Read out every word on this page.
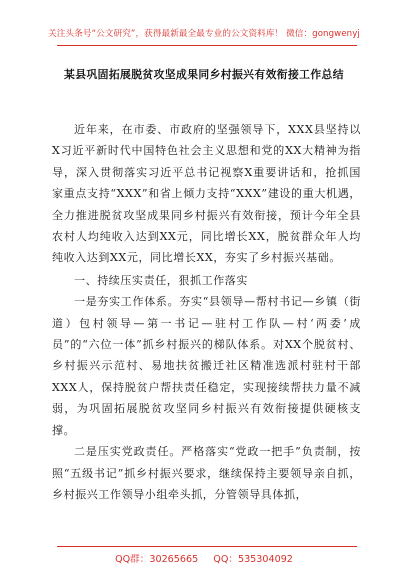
关注头条号“公文研究”，获得最新最全最专业的公文资料库！ 微信：gongwenyj
某县巩固拓展脱贫攻坚成果同乡村振兴有效衔接工作总结

近年来，在市委、市政府的坚强领导下，XXX县坚持以X习近平新时代中国特色社会主义思想和党的XX大精神为指导，深入贯彻落实习近平总书记视察X重要讲话和，抢抓国家重点支持“XXX”和省上倾力支持“XXX”建设的重大机遇，全力推进脱贫攻坚成果同乡村振兴有效衔接，预计今年全县农村人均纯收入达到XX元，同比增长XX，脱贫群众年人均纯收入达到XX元，同比增长XX，夯实了乡村振兴基础。

一、持续压实责任，狠抓工作落实

一是夯实工作体系。夯实“县领导—帮村书记—乡镇（街道）包村领导—第一书记—驻村工作队—村‘两委’成员”的“六位一体”抓乡村振兴的梯队体系。对XX个脱贫村、乡村振兴示范村、易地扶贫搬迁社区精准选派村驻村干部XXX人，保持脱贫户帮扶责任稳定，实现接续帮扶力量不减弱，为巩固拓展脱贫攻坚同乡村振兴有效衔接提供硬核支撑。

二是压实党政责任。严格落实“党政一把手”负责制，按照“五级书记”抓乡村振兴要求，继续保持主要领导亲自抓，乡村振兴工作领导小组牵头抓，分管领导具体抓，

QQ群：30265665 QQ：535304092
